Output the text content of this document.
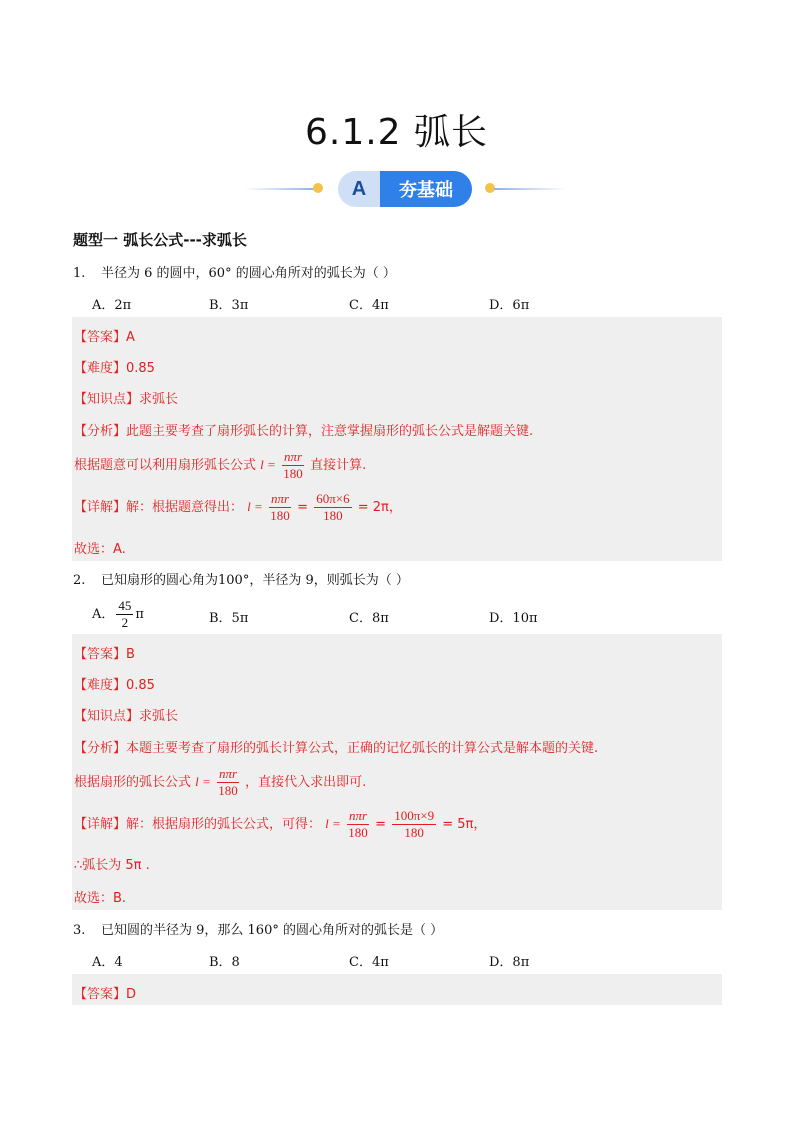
6.1.2 弧长
A	夯基础
题型一 弧长公式---求弧长
1. 半径为 6 的圆中，60° 的圆心角所对的弧长为（ ）
A．2π	B．3π	C．4π	D．6π
【答案】A
【难度】0.85
【知识点】求弧长
【分析】此题主要考查了扇形弧长的计算，注意掌握扇形的弧长公式是解题关键.
根据题意可以利用扇形弧长公式 $l = \frac{\text{nπr}}{180}$ 直接计算.
【详解】解：根据题意得出： $l = \frac{\text{nπr}}{180} = \frac{60\pi\times 6}{180} = 2\pi$，
故选：A.
2. 已知扇形的圆心角为100°，半径为 9，则弧长为（ ）
A． $\frac{45}{2}$ π	B．5π	C．8π	D．10π
【答案】B
【难度】0.85
【知识点】求弧长
【分析】本题主要考查了扇形的弧长计算公式，正确的记忆弧长的计算公式是解本题的关键.
根据扇形的弧长公式 $l = \frac{\text{nπr}}{180}$ ，直接代入求出即可.
【详解】解：根据扇形的弧长公式，可得： $l = \frac{\text{nπr}}{180} = \frac{100\pi\times 9}{180} = 5\pi$，
∴弧长为 5π .
故选：B.
3. 已知圆的半径为 9，那么 160° 的圆心角所对的弧长是（ ）
A．4	B．8	C．4π	D．8π
【答案】D
